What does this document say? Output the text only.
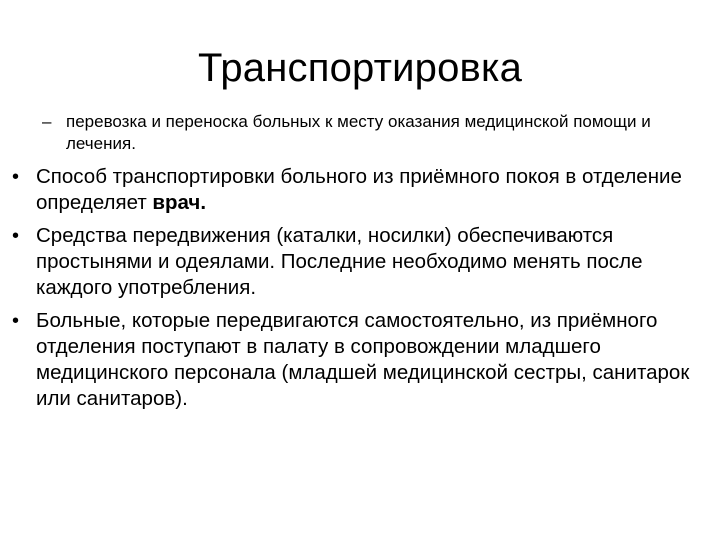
Транспортировка
– перевозка и переноска больных к месту оказания медицинской помощи и лечения.
• Способ транспортировки больного из приёмного покоя в отделение определяет врач.
• Средства передвижения (каталки, носилки) обеспечиваются простынями и одеялами. Последние необходимо менять после каждого употребления.
• Больные, которые передвигаются самостоятельно, из приёмного отделения поступают в палату в сопровождении младшего медицинского персонала (младшей медицинской сестры, санитарок или санитаров).
